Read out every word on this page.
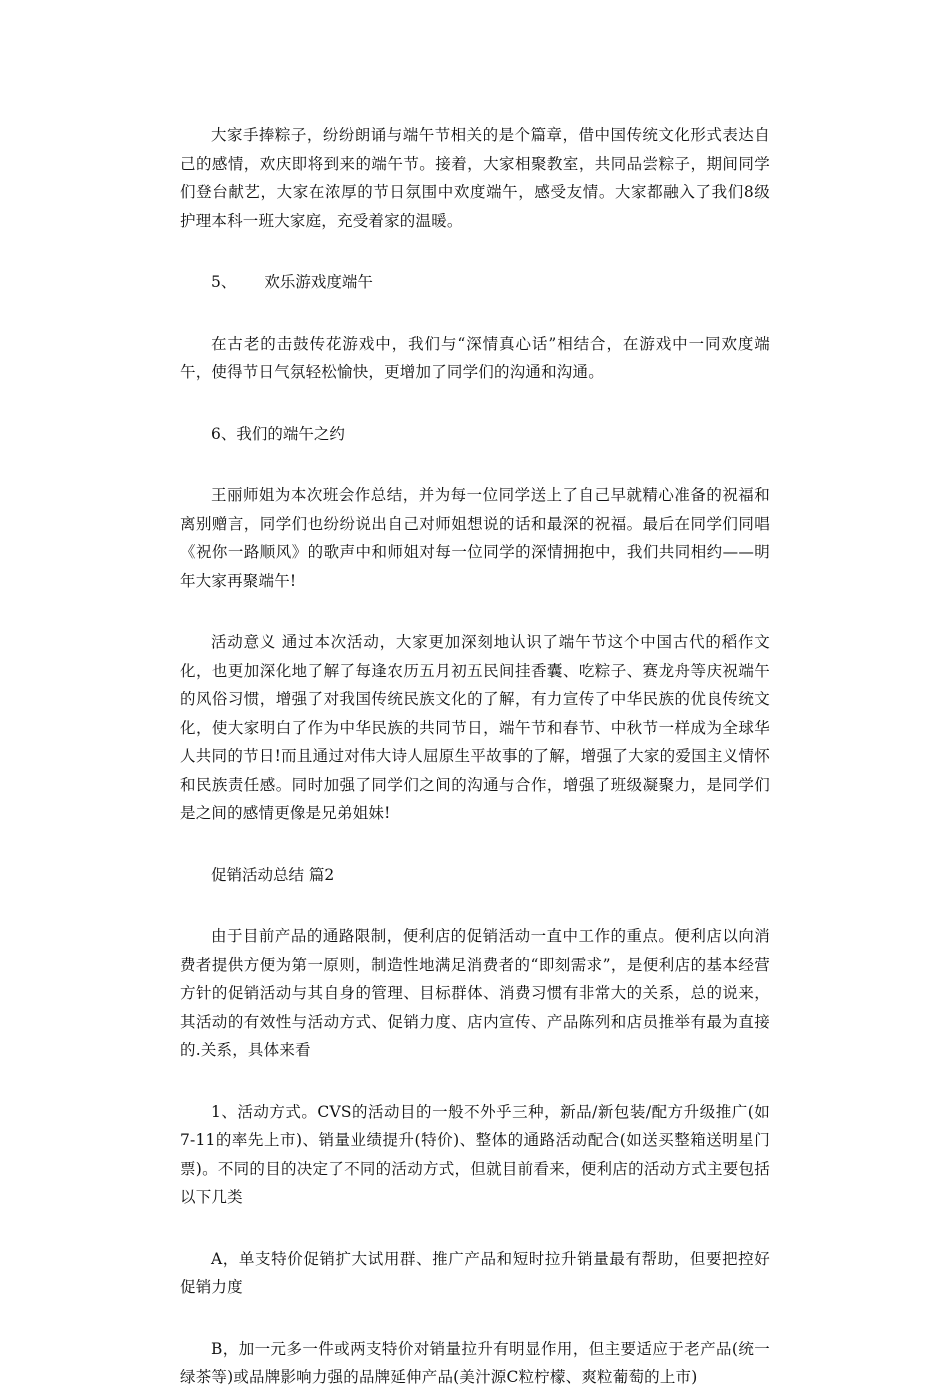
大家手捧粽子，纷纷朗诵与端午节相关的是个篇章，借中国传统文化形式表达自己的感情，欢庆即将到来的端午节。接着，大家相聚教室，共同品尝粽子，期间同学们登台献艺，大家在浓厚的节日氛围中欢度端午，感受友情。大家都融入了我们8级护理本科一班大家庭，充受着家的温暖。

5、 欢乐游戏度端午

在古老的击鼓传花游戏中，我们与“深情真心话”相结合，在游戏中一同欢度端午，使得节日气氛轻松愉快，更增加了同学们的沟通和沟通。

6、我们的端午之约

王丽师姐为本次班会作总结，并为每一位同学送上了自己早就精心准备的祝福和离别赠言，同学们也纷纷说出自己对师姐想说的话和最深的祝福。最后在同学们同唱《祝你一路顺风》的歌声中和师姐对每一位同学的深情拥抱中，我们共同相约——明年大家再聚端午!

活动意义 通过本次活动，大家更加深刻地认识了端午节这个中国古代的稻作文化，也更加深化地了解了每逢农历五月初五民间挂香囊、吃粽子、赛龙舟等庆祝端午的风俗习惯，增强了对我国传统民族文化的了解，有力宣传了中华民族的优良传统文化，使大家明白了作为中华民族的共同节日，端午节和春节、中秋节一样成为全球华人共同的节日!而且通过对伟大诗人屈原生平故事的了解，增强了大家的爱国主义情怀和民族责任感。同时加强了同学们之间的沟通与合作，增强了班级凝聚力，是同学们是之间的感情更像是兄弟姐妹!

促销活动总结 篇2

由于目前产品的通路限制，便利店的促销活动一直中工作的重点。便利店以向消费者提供方便为第一原则，制造性地满足消费者的“即刻需求”，是便利店的基本经营方针的促销活动与其自身的管理、目标群体、消费习惯有非常大的关系，总的说来，其活动的有效性与活动方式、促销力度、店内宣传、产品陈列和店员推举有最为直接的.关系，具体来看

1、活动方式。CVS的活动目的一般不外乎三种，新品/新包装/配方升级推广(如7-11的率先上市)、销量业绩提升(特价)、整体的通路活动配合(如送买整箱送明星门票)。不同的目的决定了不同的活动方式，但就目前看来，便利店的活动方式主要包括以下几类

A，单支特价促销扩大试用群、推广产品和短时拉升销量最有帮助，但要把控好促销力度

B，加一元多一件或两支特价对销量拉升有明显作用，但主要适应于老产品(统一绿茶等)或品牌影响力强的品牌延伸产品(美汁源C粒柠檬、爽粒葡萄的上市)
